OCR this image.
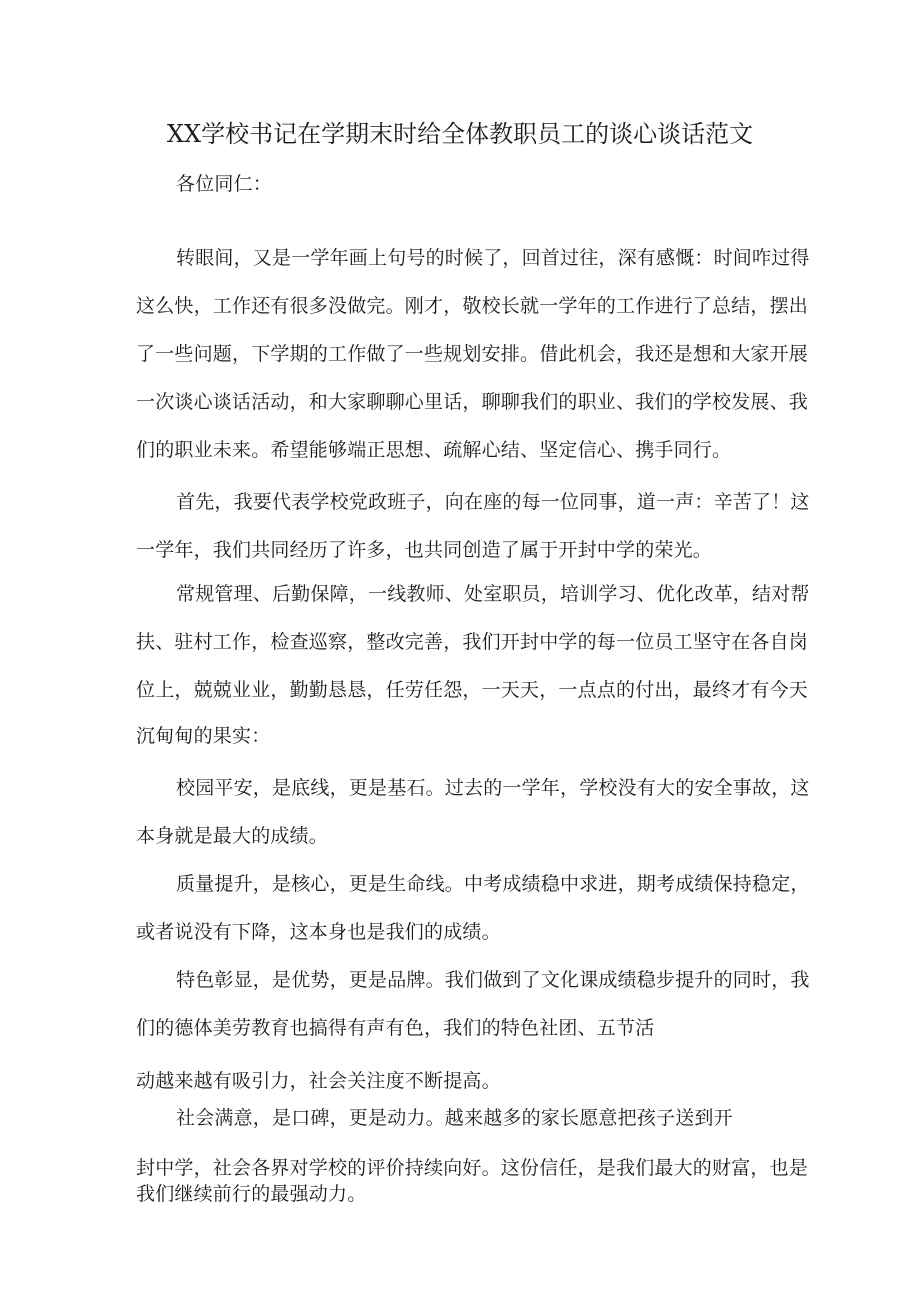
XX学校书记在学期末时给全体教职员工的谈心谈话范文
各位同仁：
转眼间，又是一学年画上句号的时候了，回首过往，深有感慨：时间咋过得
这么快，工作还有很多没做完。刚才，敬校长就一学年的工作进行了总结，摆出
了一些问题，下学期的工作做了一些规划安排。借此机会，我还是想和大家开展
一次谈心谈话活动，和大家聊聊心里话，聊聊我们的职业、我们的学校发展、我
们的职业未来。希望能够端正思想、疏解心结、坚定信心、携手同行。
首先，我要代表学校党政班子，向在座的每一位同事，道一声：辛苦了！这
一学年，我们共同经历了许多，也共同创造了属于开封中学的荣光。
常规管理、后勤保障，一线教师、处室职员，培训学习、优化改革，结对帮
扶、驻村工作，检查巡察，整改完善，我们开封中学的每一位员工坚守在各自岗
位上，兢兢业业，勤勤恳恳，任劳任怨，一天天，一点点的付出，最终才有今天
沉甸甸的果实：
校园平安，是底线，更是基石。过去的一学年，学校没有大的安全事故，这
本身就是最大的成绩。
质量提升，是核心，更是生命线。中考成绩稳中求进，期考成绩保持稳定，
或者说没有下降，这本身也是我们的成绩。
特色彰显，是优势，更是品牌。我们做到了文化课成绩稳步提升的同时，我
们的德体美劳教育也搞得有声有色，我们的特色社团、五节活
动越来越有吸引力，社会关注度不断提高。
社会满意，是口碑，更是动力。越来越多的家长愿意把孩子送到开
封中学，社会各界对学校的评价持续向好。这份信任，是我们最大的财富，也是
我们继续前行的最强动力。
